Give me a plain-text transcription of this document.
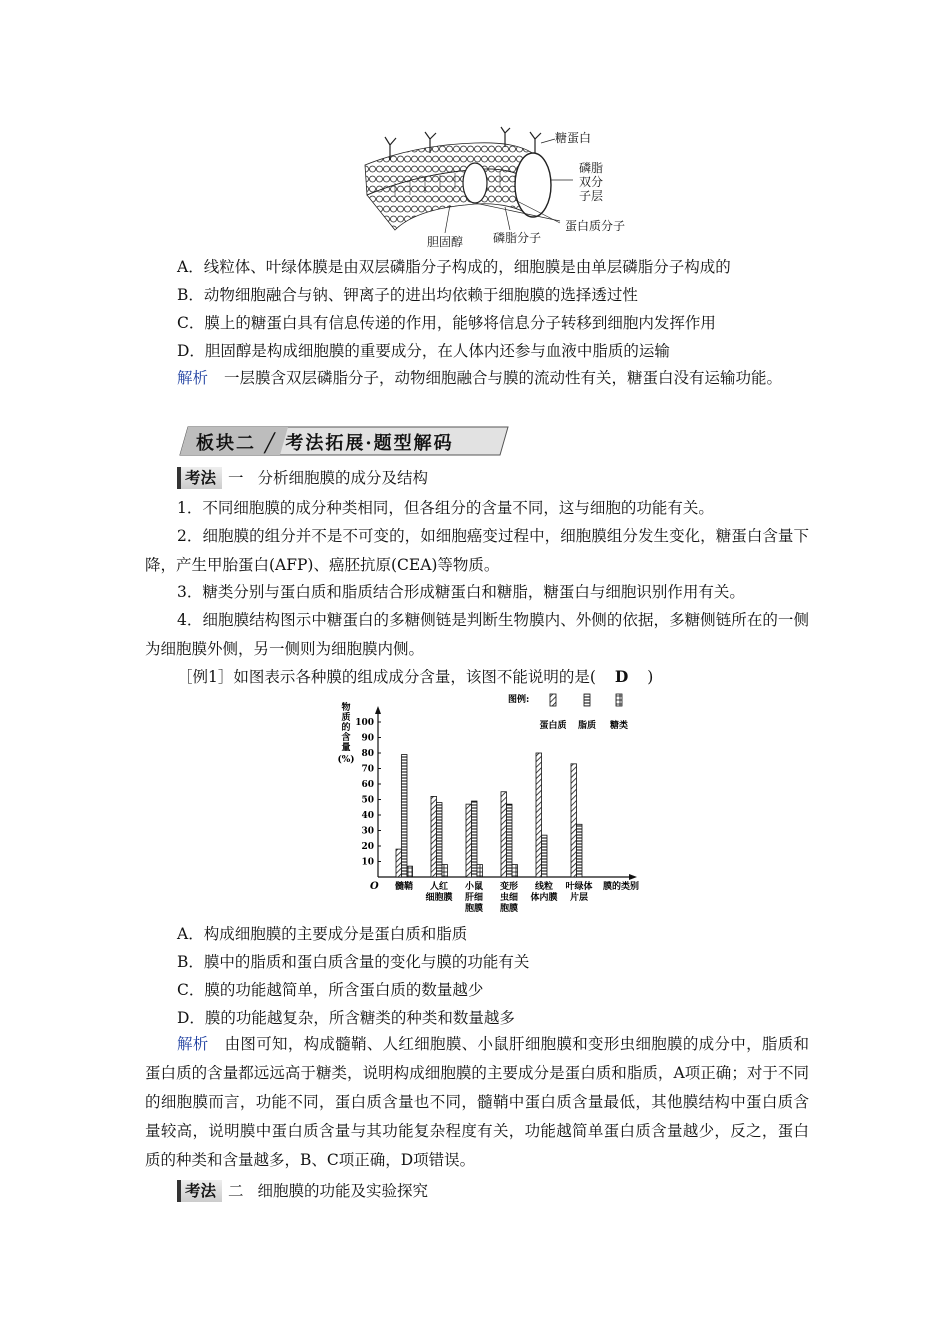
糖蛋白
磷脂双分子层
蛋白质分子
胆固醇 磷脂分子
A．线粒体、叶绿体膜是由双层磷脂分子构成的，细胞膜是由单层磷脂分子构成的
B．动物细胞融合与钠、钾离子的进出均依赖于细胞膜的选择透过性
C．膜上的糖蛋白具有信息传递的作用，能够将信息分子转移到细胞内发挥作用
D．胆固醇是构成细胞膜的重要成分，在人体内还参与血液中脂质的运输
解析 一层膜含双层磷脂分子，动物细胞融合与膜的流动性有关，糖蛋白没有运输功能。
板块二 ╱ 考法拓展·题型解码
考法 一 分析细胞膜的成分及结构
1．不同细胞膜的成分种类相同，但各组分的含量不同，这与细胞的功能有关。
2．细胞膜的组分并不是不可变的，如细胞癌变过程中，细胞膜组分发生变化，糖蛋白含量下降，产生甲胎蛋白(AFP)、癌胚抗原(CEA)等物质。
3．糖类分别与蛋白质和脂质结合形成糖蛋白和糖脂，糖蛋白与细胞识别作用有关。
4．细胞膜结构图示中糖蛋白的多糖侧链是判断生物膜内、外侧的依据，多糖侧链所在的一侧为细胞膜外侧，另一侧则为细胞膜内侧。
［例1］如图表示各种膜的组成成分含量，该图不能说明的是( D )
物
质
的
含
量
(%)
O
10
20
30
40
50
60
70
80
90
100
膜的类别
髓鞘 人红
细胞膜
小鼠
肝细
胞膜
变形
虫细
胞膜
线粒
体内膜
叶绿体
片层
图例:
蛋白质 脂质 糖类
A．构成细胞膜的主要成分是蛋白质和脂质
B．膜中的脂质和蛋白质含量的变化与膜的功能有关
C．膜的功能越简单，所含蛋白质的数量越少
D．膜的功能越复杂，所含糖类的种类和数量越多
解析 由图可知，构成髓鞘、人红细胞膜、小鼠肝细胞膜和变形虫细胞膜的成分中，脂质和蛋白质的含量都远远高于糖类，说明构成细胞膜的主要成分是蛋白质和脂质，A项正确；对于不同的细胞膜而言，功能不同，蛋白质含量也不同，髓鞘中蛋白质含量最低，其他膜结构中蛋白质含量较高，说明膜中蛋白质含量与其功能复杂程度有关，功能越简单蛋白质含量越少，反之，蛋白质的种类和含量越多，B、C项正确，D项错误。
考法 二 细胞膜的功能及实验探究
